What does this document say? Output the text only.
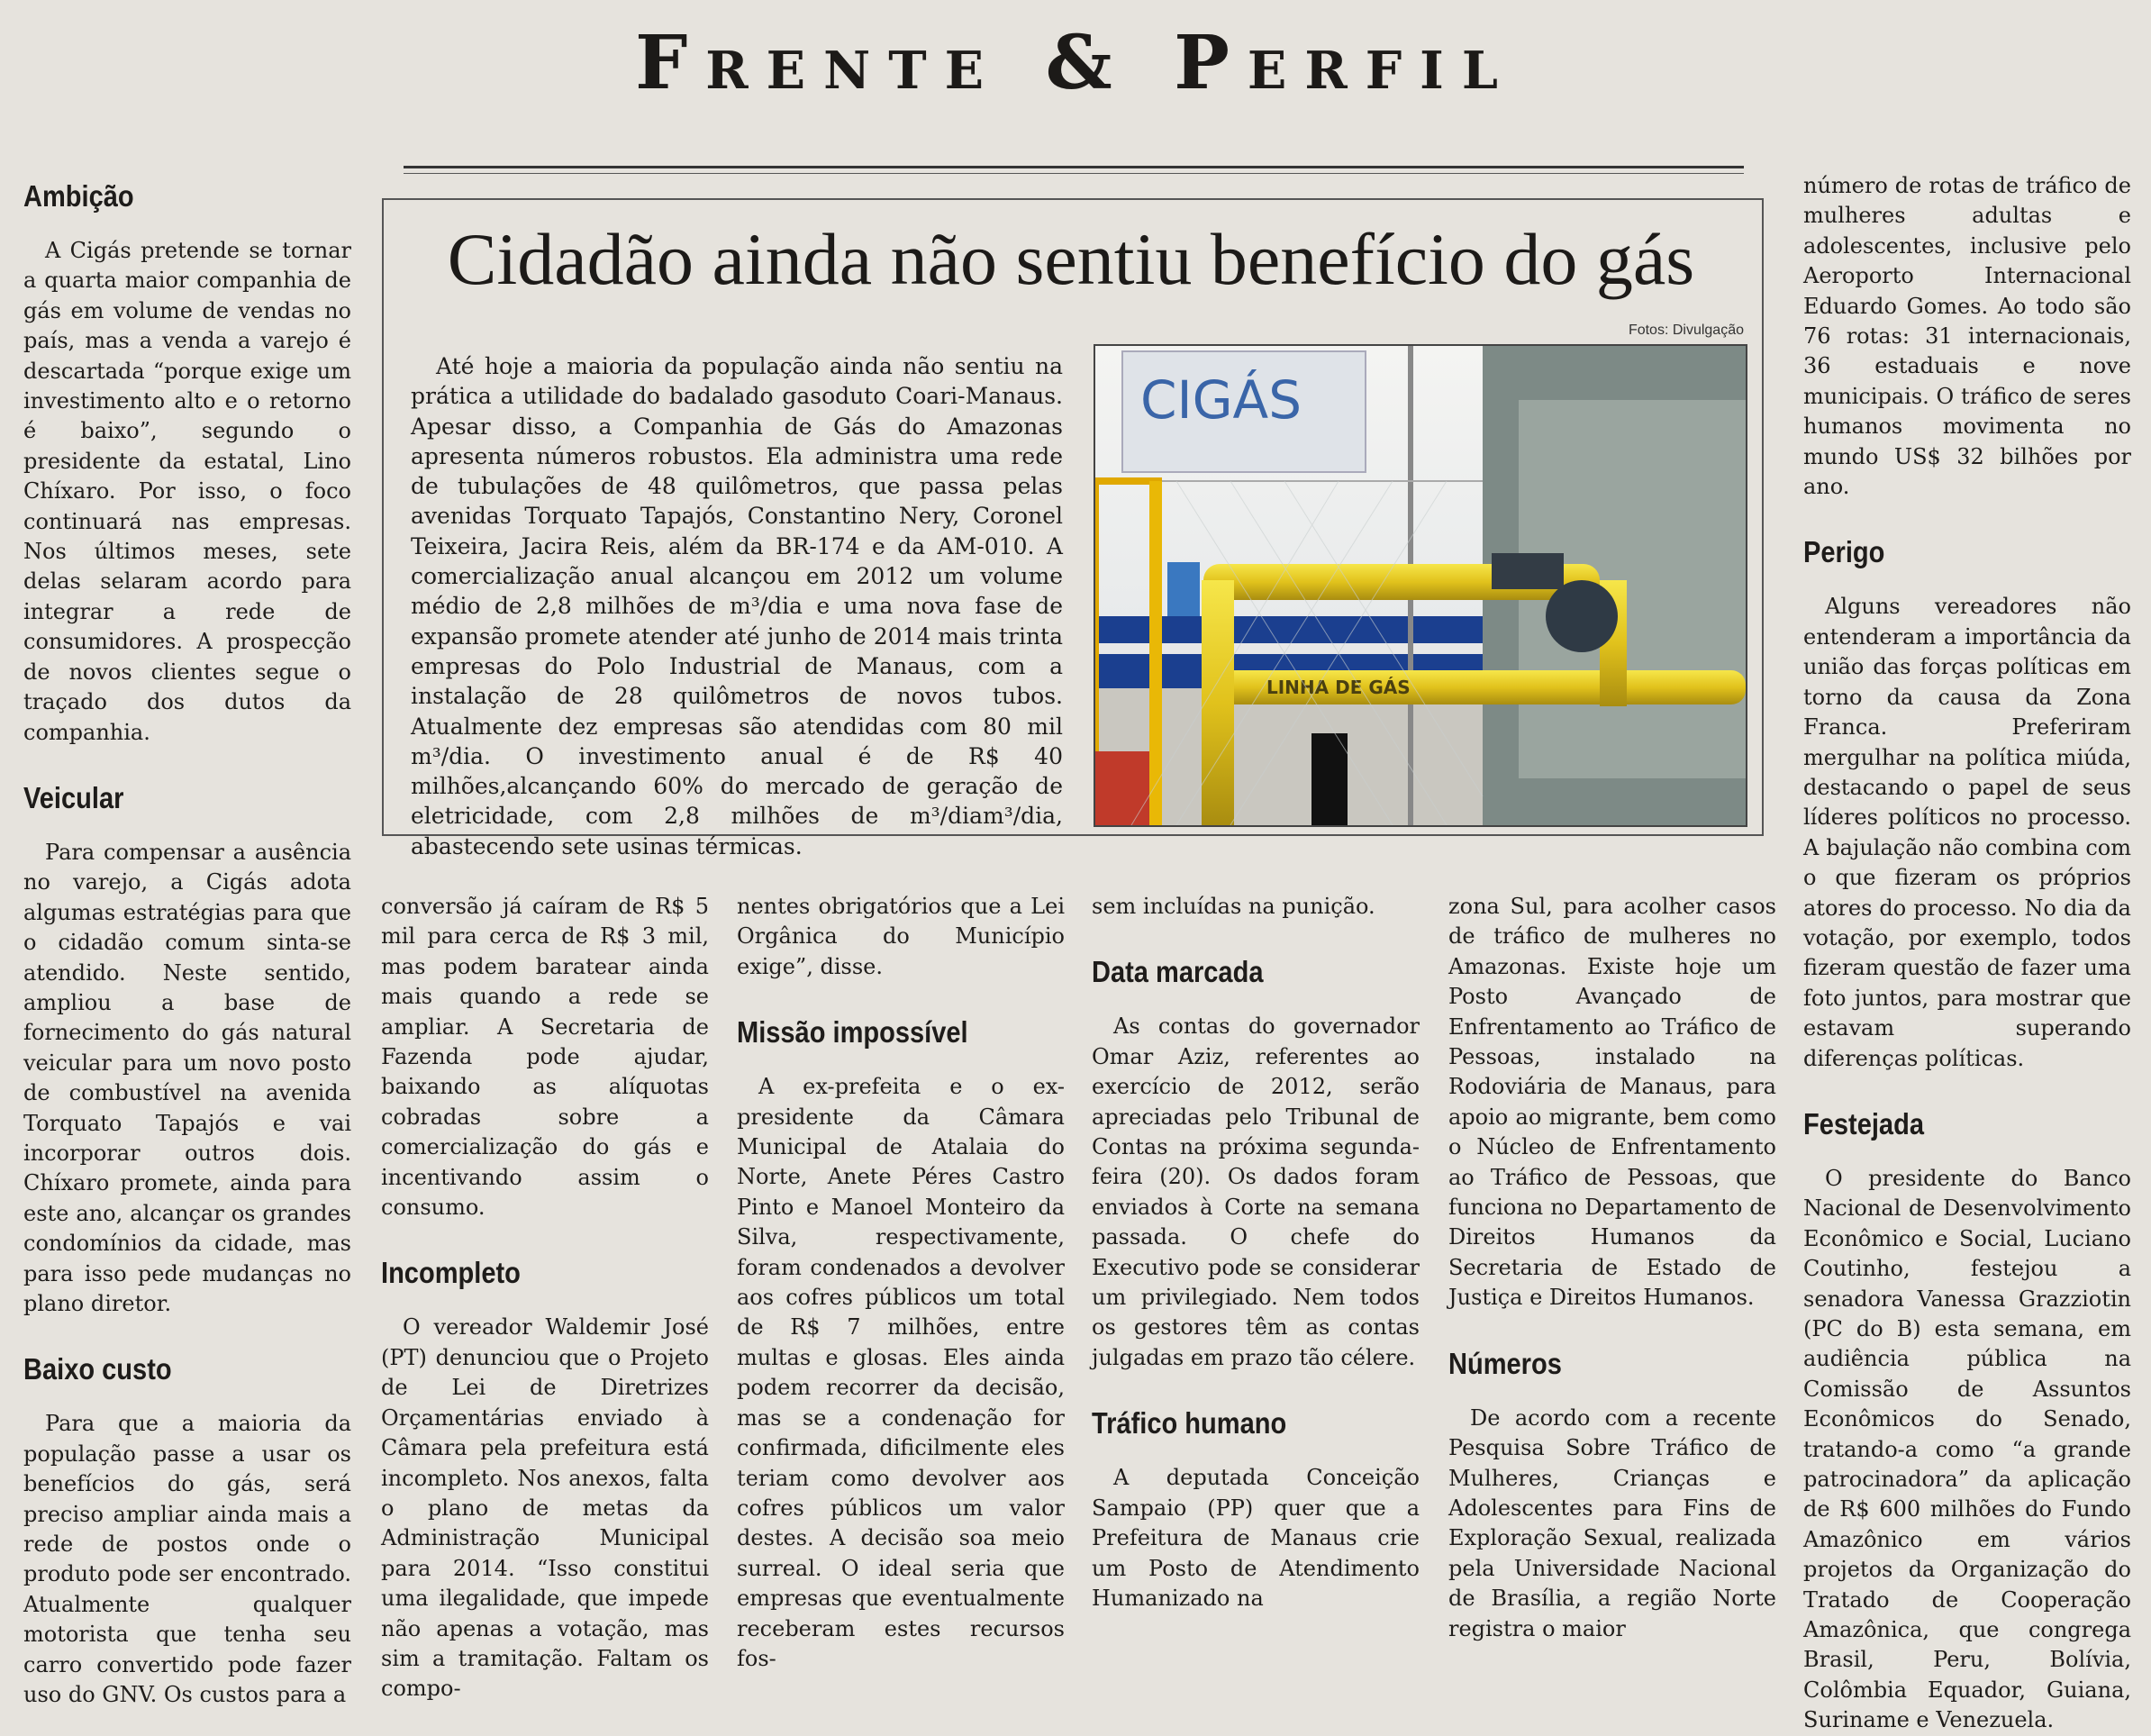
Frente & Perfil
Cidadão ainda não sentiu benefício do gás
Fotos: Divulgação
CIGÁS
LINHA DE GÁS

Até hoje a maioria da população ainda não sentiu na prática a utilidade do badalado gasoduto Coari-Manaus. Apesar disso, a Companhia de Gás do Amazonas apresenta números robustos. Ela administra uma rede de tubulações de 48 quilômetros, que passa pelas avenidas Torquato Tapajós, Constantino Nery, Coronel Teixeira, Jacira Reis, além da BR-174 e da AM-010. A comercialização anual alcançou em 2012 um volume médio de 2,8 milhões de m³/dia e uma nova fase de expansão promete atender até junho de 2014 mais trinta empresas do Polo Industrial de Manaus, com a instalação de 28 quilômetros de novos tubos. Atualmente dez empresas são atendidas com 80 mil m³/dia. O investimento anual é de R$ 40 milhões,alcançando 60% do mercado de geração de eletricidade, com 2,8 milhões de m³/diam³/dia, abastecendo sete usinas térmicas.

Ambição

A Cigás pretende se tornar a quarta maior companhia de gás em volume de vendas no país, mas a venda a varejo é descartada “porque exige um investimento alto e o retorno é baixo”, segundo o presidente da estatal, Lino Chíxaro. Por isso, o foco continuará nas empresas. Nos últimos meses, sete delas selaram acordo para integrar a rede de consumidores. A prospecção de novos clientes segue o traçado dos dutos da companhia.

Veicular

Para compensar a ausência no varejo, a Cigás adota algumas estratégias para que o cidadão comum sinta-se atendido. Neste sentido, ampliou a base de fornecimento do gás natural veicular para um novo posto de combustível na avenida Torquato Tapajós e vai incorporar outros dois. Chíxaro promete, ainda para este ano, alcançar os grandes condomínios da cidade, mas para isso pede mudanças no plano diretor.

Baixo custo

Para que a maioria da população passe a usar os benefícios do gás, será preciso ampliar ainda mais a rede de postos onde o produto pode ser encontrado. Atualmente qualquer motorista que tenha seu carro convertido pode fazer uso do GNV. Os custos para a

conversão já caíram de R$ 5 mil para cerca de R$ 3 mil, mas podem baratear ainda mais quando a rede se ampliar. A Secretaria de Fazenda pode ajudar, baixando as alíquotas cobradas sobre a comercialização do gás e incentivando assim o consumo.

Incompleto

O vereador Waldemir José (PT) denunciou que o Projeto de Lei de Diretrizes Orçamentárias enviado à Câmara pela prefeitura está incompleto. Nos anexos, falta o plano de metas da Administração Municipal para 2014. “Isso constitui uma ilegalidade, que impede não apenas a votação, mas sim a tramitação. Faltam os compo-

nentes obrigatórios que a Lei Orgânica do Município exige”, disse.

Missão impossível

A ex-prefeita e o ex-presidente da Câmara Municipal de Atalaia do Norte, Anete Péres Castro Pinto e Manoel Monteiro da Silva, respectivamente, foram condenados a devolver aos cofres públicos um total de R$ 7 milhões, entre multas e glosas. Eles ainda podem recorrer da decisão, mas se a condenação for confirmada, dificilmente eles teriam como devolver aos cofres públicos um valor destes. A decisão soa meio surreal. O ideal seria que empresas que eventualmente receberam estes recursos fos-

sem incluídas na punição.

Data marcada

As contas do governador Omar Aziz, referentes ao exercício de 2012, serão apreciadas pelo Tribunal de Contas na próxima segunda-feira (20). Os dados foram enviados à Corte na semana passada. O chefe do Executivo pode se considerar um privilegiado. Nem todos os gestores têm as contas julgadas em prazo tão célere.

Tráfico humano

A deputada Conceição Sampaio (PP) quer que a Prefeitura de Manaus crie um Posto de Atendimento Humanizado na

zona Sul, para acolher casos de tráfico de mulheres no Amazonas. Existe hoje um Posto Avançado de Enfrentamento ao Tráfico de Pessoas, instalado na Rodoviária de Manaus, para apoio ao migrante, bem como o Núcleo de Enfrentamento ao Tráfico de Pessoas, que funciona no Departamento de Direitos Humanos da Secretaria de Estado de Justiça e Direitos Humanos.

Números

De acordo com a recente Pesquisa Sobre Tráfico de Mulheres, Crianças e Adolescentes para Fins de Exploração Sexual, realizada pela Universidade Nacional de Brasília, a região Norte registra o maior

número de rotas de tráfico de mulheres adultas e adolescentes, inclusive pelo Aeroporto Internacional Eduardo Gomes. Ao todo são 76 rotas: 31 internacionais, 36 estaduais e nove municipais. O tráfico de seres humanos movimenta no mundo US$ 32 bilhões por ano.

Perigo

Alguns vereadores não entenderam a importância da união das forças políticas em torno da causa da Zona Franca. Preferiram mergulhar na política miúda, destacando o papel de seus líderes políticos no processo. A bajulação não combina com o que fizeram os próprios atores do processo. No dia da votação, por exemplo, todos fizeram questão de fazer uma foto juntos, para mostrar que estavam superando diferenças políticas.

Festejada

O presidente do Banco Nacional de Desenvolvimento Econômico e Social, Luciano Coutinho, festejou a senadora Vanessa Grazziotin (PC do B) esta semana, em audiência pública na Comissão de Assuntos Econômicos do Senado, tratando-a como “a grande patrocinadora” da aplicação de R$ 600 milhões do Fundo Amazônico em vários projetos da Organização do Tratado de Cooperação Amazônica, que congrega Brasil, Peru, Bolívia, Colômbia Equador, Guiana, Suriname e Venezuela.
